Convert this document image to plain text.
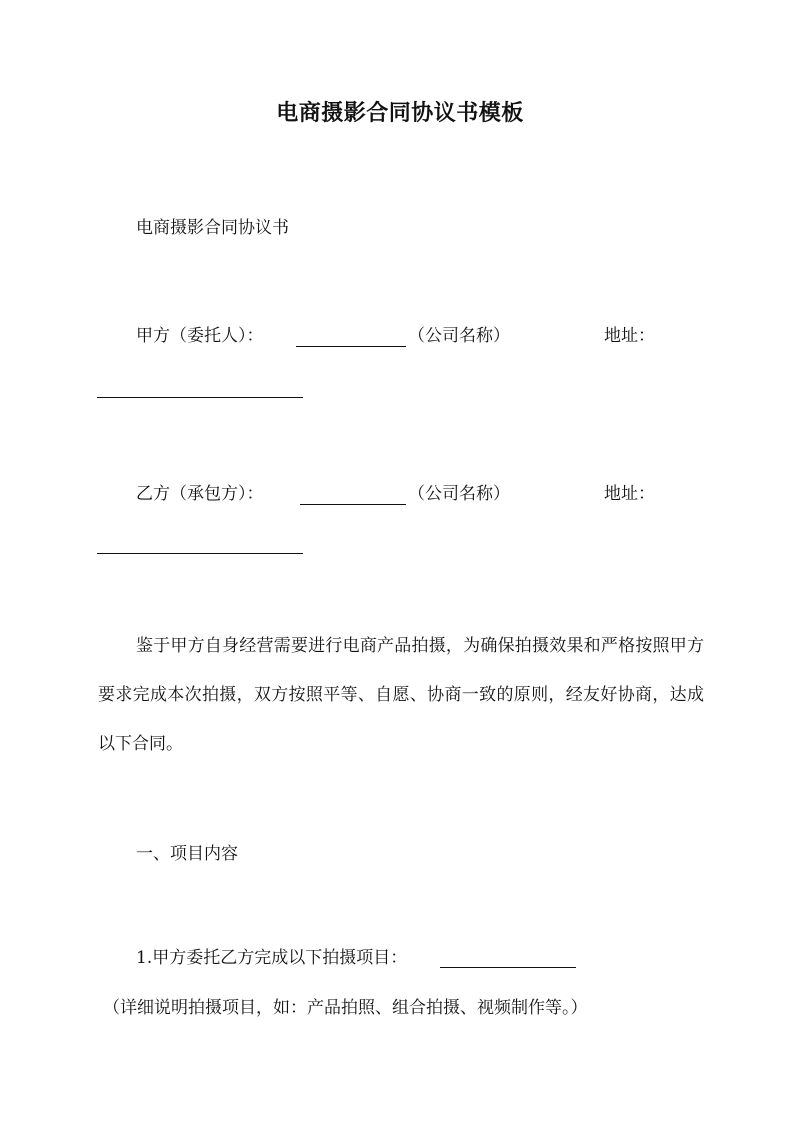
电商摄影合同协议书模板

电商摄影合同协议书

甲方（委托人）：	（公司名称）	地址：
乙方（承包方）：	（公司名称）	地址：

鉴于甲方自身经营需要进行电商产品拍摄，为确保拍摄效果和严格按照甲方要求完成本次拍摄，双方按照平等、自愿、协商一致的原则，经友好协商，达成以下合同。

一、项目内容

1.甲方委托乙方完成以下拍摄项目：

（详细说明拍摄项目，如：产品拍照、组合拍摄、视频制作等。）
